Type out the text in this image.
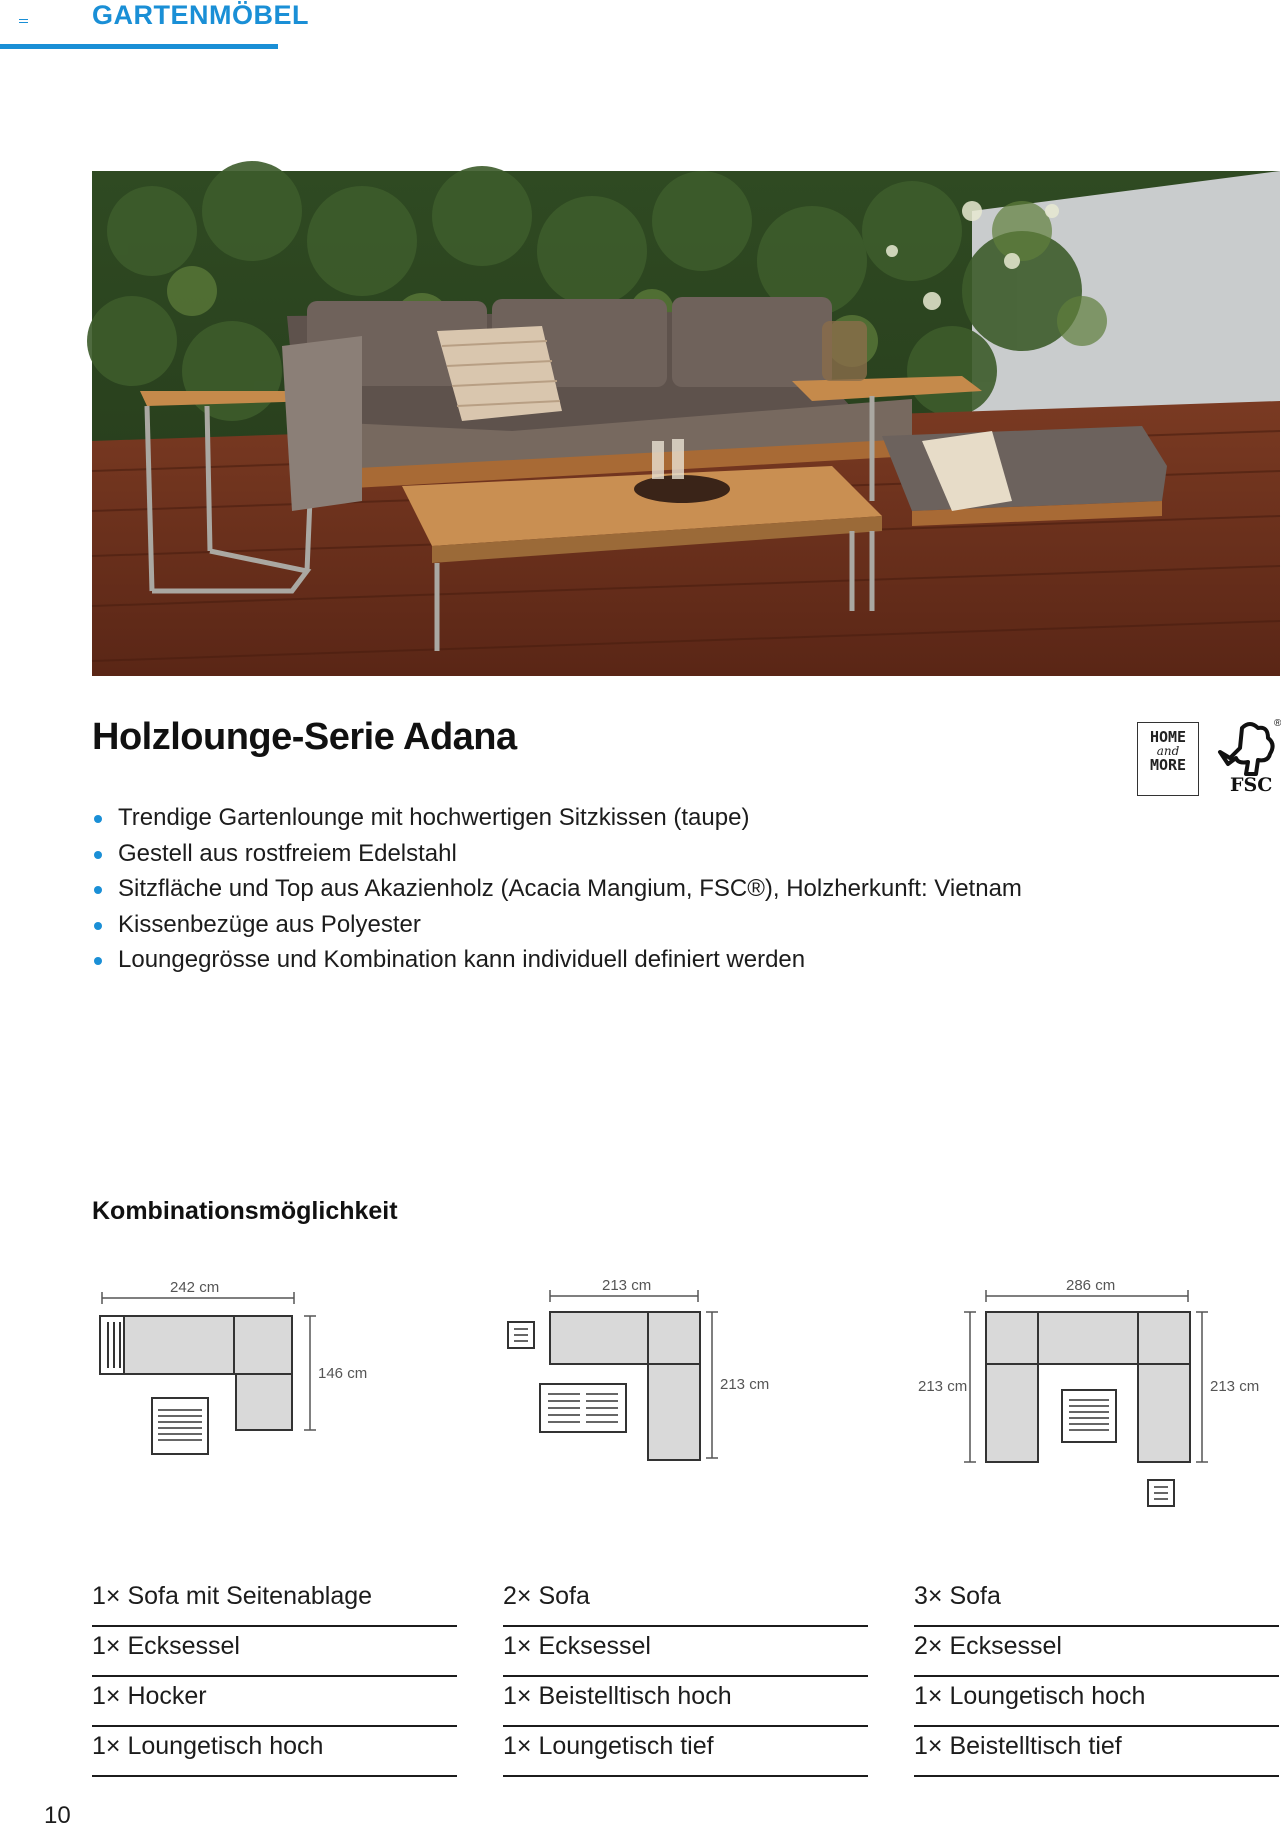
GARTENMÖBEL
Holzlounge-Serie Adana	HOME
and
MORE
FSC
®
Trendige Gartenlounge mit hochwertigen Sitzkissen (taupe)
Gestell aus rostfreiem Edelstahl
Sitzfläche und Top aus Akazienholz (Acacia Mangium, FSC®), Holzherkunft: Vietnam
Kissenbezüge aus Polyester
Loungegrösse und Kombination kann individuell definiert werden
Kombinationsmöglichkeit
242 cm
146 cm
213 cm
213 cm
286 cm
213 cm	213 cm
1× Sofa mit Seitenablage
1× Ecksessel
1× Hocker
1× Loungetisch hoch
2× Sofa
1× Ecksessel
1× Beistelltisch hoch
1× Loungetisch tief
3× Sofa
2× Ecksessel
1× Loungetisch hoch
1× Beistelltisch tief
10
